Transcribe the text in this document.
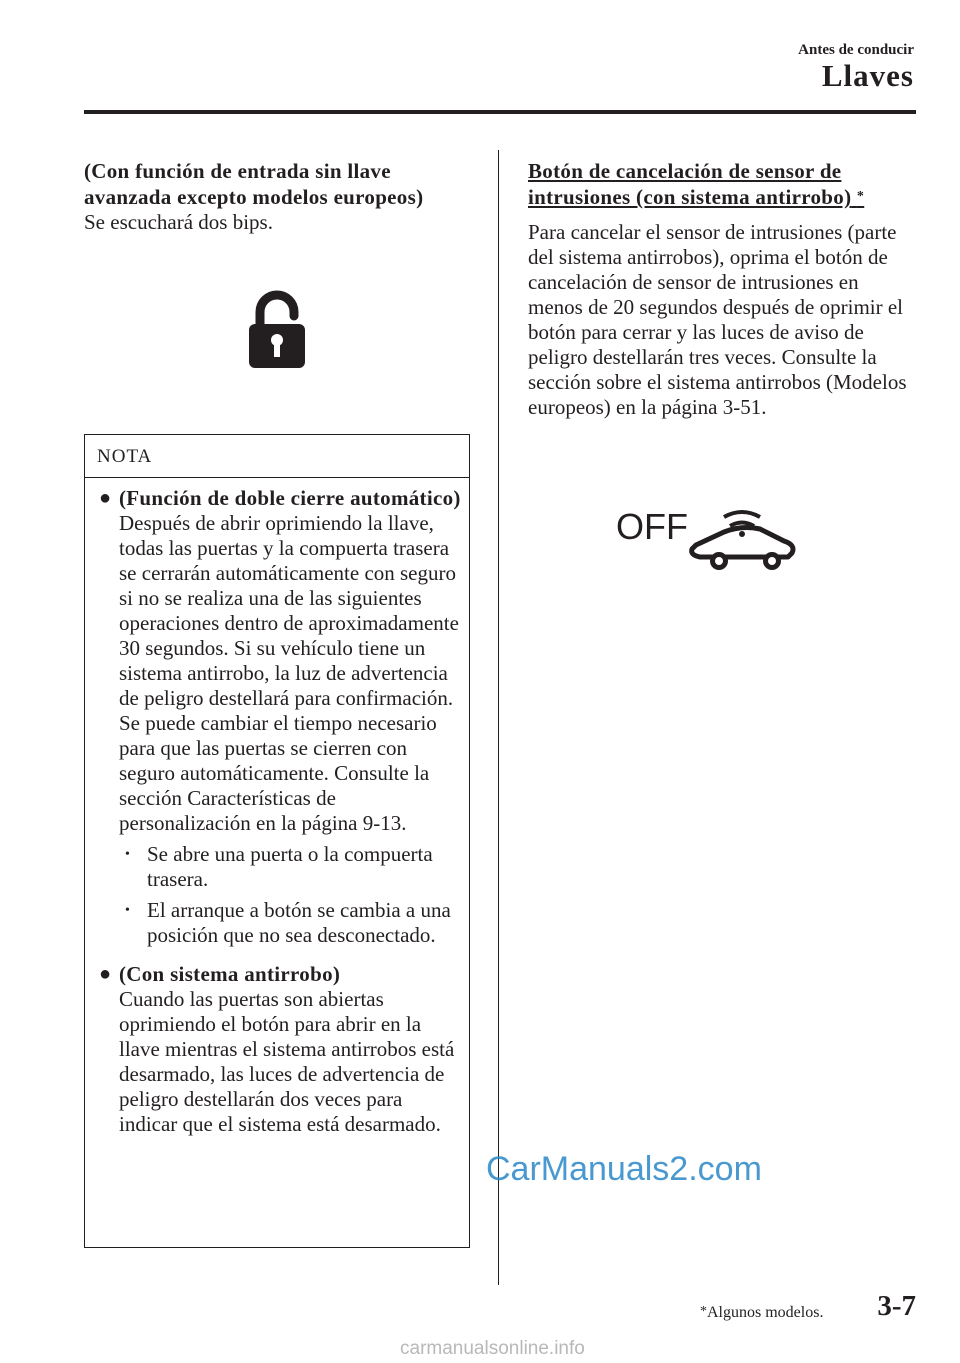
Antes de conducir
Llaves
(Con función de entrada sin llave avanzada excepto modelos europeos)
Se escuchará dos bips.
NOTA
● (Función de doble cierre automático)
Después de abrir oprimiendo la llave, todas las puertas y la compuerta trasera se cerrarán automáticamente con seguro si no se realiza una de las siguientes operaciones dentro de aproximadamente 30 segundos. Si su vehículo tiene un sistema antirrobo, la luz de advertencia de peligro destellará para confirmación.
Se puede cambiar el tiempo necesario para que las puertas se cierren con seguro automáticamente. Consulte la sección Características de personalización en la página 9-13.
• Se abre una puerta o la compuerta trasera.
• El arranque a botón se cambia a una posición que no sea desconectado.
● (Con sistema antirrobo)
Cuando las puertas son abiertas oprimiendo el botón para abrir en la llave mientras el sistema antirrobos está desarmado, las luces de advertencia de peligro destellarán dos veces para indicar que el sistema está desarmado.
Botón de cancelación de sensor de intrusiones (con sistema antirrobo) *
Para cancelar el sensor de intrusiones (parte del sistema antirrobos), oprima el botón de cancelación de sensor de intrusiones en menos de 20 segundos después de oprimir el botón para cerrar y las luces de aviso de peligro destellarán tres veces. Consulte la sección sobre el sistema antirrobos (Modelos europeos) en la página 3-51.
OFF
CarManuals2.com
*Algunos modelos. 3-7
carmanualsonline.info
